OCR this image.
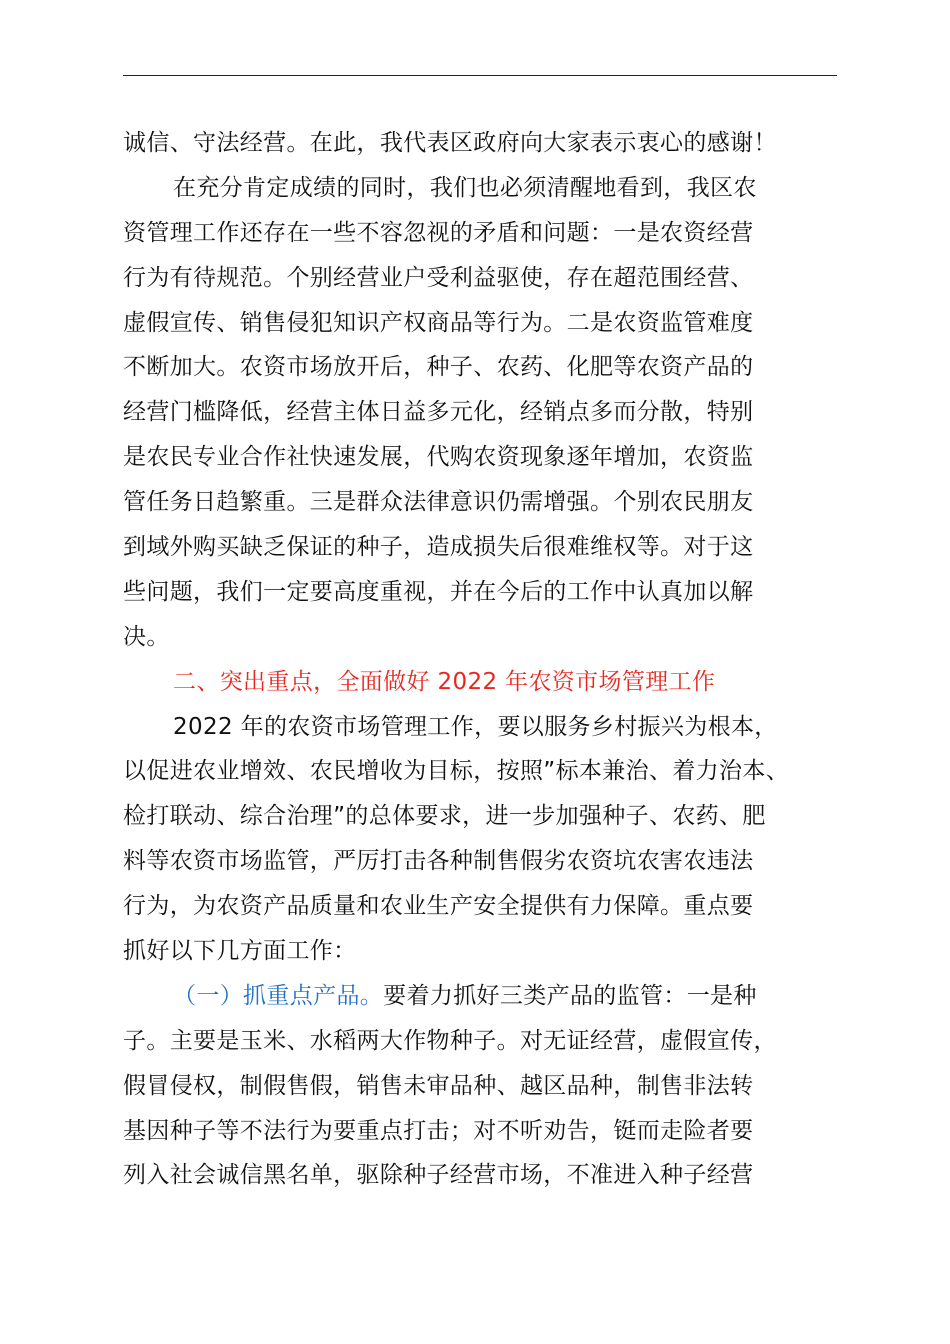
诚信、守法经营。在此，我代表区政府向大家表示衷心的感谢！
在充分肯定成绩的同时，我们也必须清醒地看到，我区农
资管理工作还存在一些不容忽视的矛盾和问题：一是农资经营
行为有待规范。个别经营业户受利益驱使，存在超范围经营、
虚假宣传、销售侵犯知识产权商品等行为。二是农资监管难度
不断加大。农资市场放开后，种子、农药、化肥等农资产品的
经营门槛降低，经营主体日益多元化，经销点多而分散，特别
是农民专业合作社快速发展，代购农资现象逐年增加，农资监
管任务日趋繁重。三是群众法律意识仍需增强。个别农民朋友
到域外购买缺乏保证的种子，造成损失后很难维权等。对于这
些问题，我们一定要高度重视，并在今后的工作中认真加以解
决。
二、突出重点，全面做好 2022 年农资市场管理工作
2022 年的农资市场管理工作，要以服务乡村振兴为根本，
以促进农业增效、农民增收为目标，按照”标本兼治、着力治本、
检打联动、综合治理”的总体要求，进一步加强种子、农药、肥
料等农资市场监管，严厉打击各种制售假劣农资坑农害农违法
行为，为农资产品质量和农业生产安全提供有力保障。重点要
抓好以下几方面工作：
（一）抓重点产品。要着力抓好三类产品的监管：一是种
子。主要是玉米、水稻两大作物种子。对无证经营，虚假宣传，
假冒侵权，制假售假，销售未审品种、越区品种，制售非法转
基因种子等不法行为要重点打击；对不听劝告，铤而走险者要
列入社会诚信黑名单，驱除种子经营市场，不准进入种子经营
